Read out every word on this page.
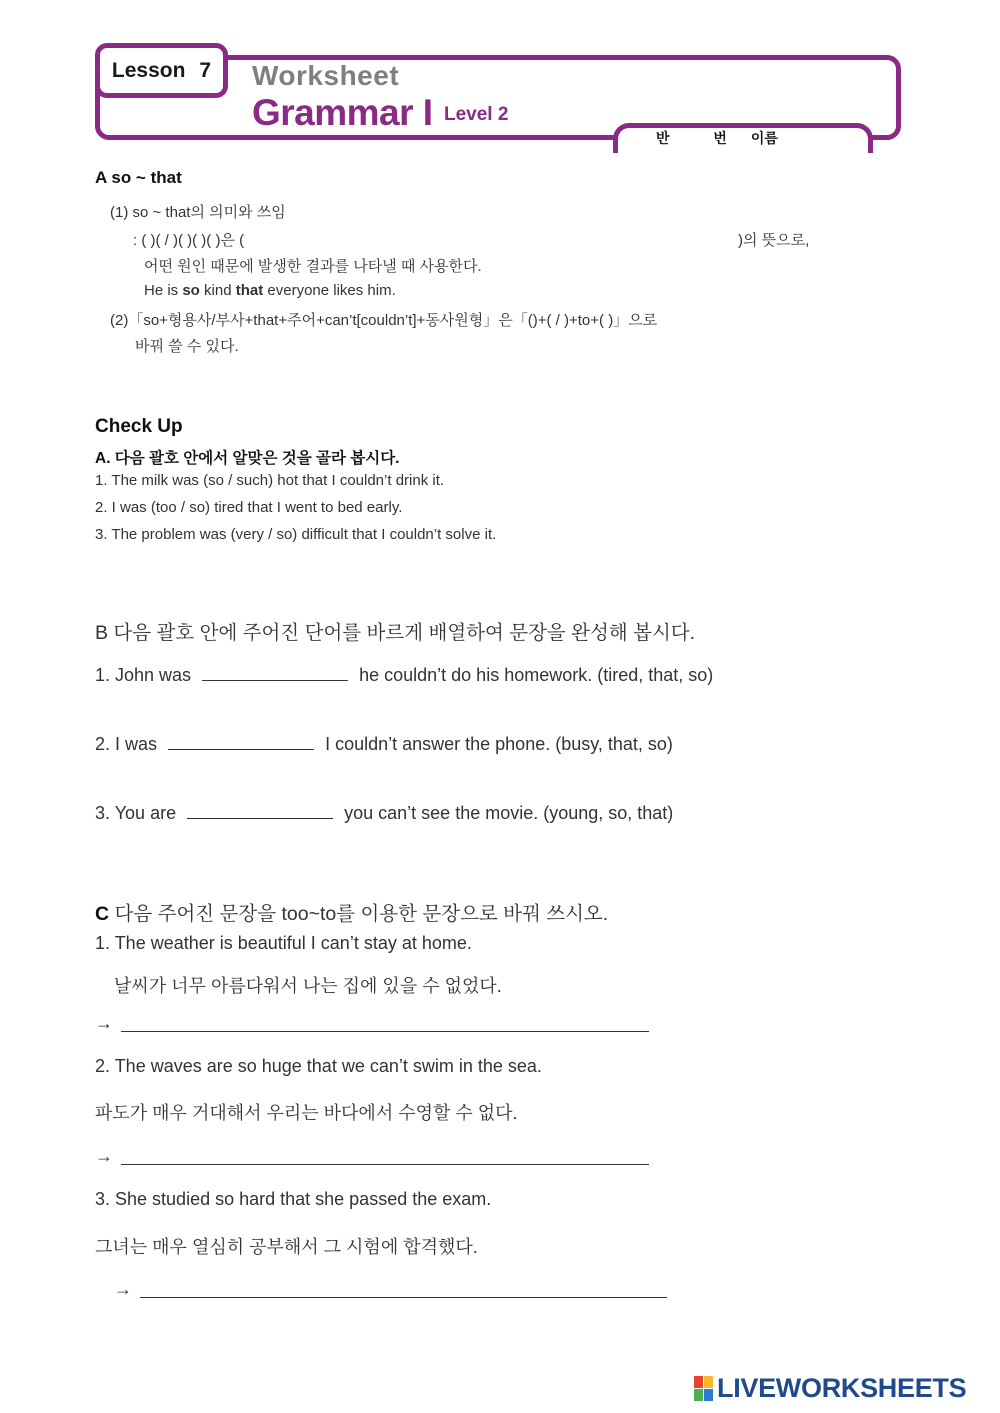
반	번 이름
Lesson 7 Worksheet
Grammar I Level 2
A so ~ that
(1) so ~ that의 의미와 쓰임
: ( )( / )( )( )( )은 (	)의 뜻으로,
어떤 원인 때문에 발생한 결과를 나타낼 때 사용한다.
He is so kind that everyone likes him.
(2)「so+형용사/부사+that+주어+can’t[couldn’t]+동사원형」은「()+( / )+to+( )」으로
바꿔 쓸 수 있다.
Check Up
A. 다음 괄호 안에서 알맞은 것을 골라 봅시다.
1. The milk was (so / such) hot that I couldn’t drink it.
2. I was (too / so) tired that I went to bed early.
3. The problem was (very / so) difficult that I couldn’t solve it.
B 다음 괄호 안에 주어진 단어를 바르게 배열하여 문장을 완성해 봅시다.
1. John was	he couldn’t do his homework. (tired, that, so)
2. I was	I couldn’t answer the phone. (busy, that, so)
3. You are	you can’t see the movie. (young, so, that)
C 다음 주어진 문장을 too~to를 이용한 문장으로 바꿔 쓰시오.
1. The weather is beautiful I can’t stay at home.
날씨가 너무 아름다워서 나는 집에 있을 수 없었다.
→
2. The waves are so huge that we can’t swim in the sea.
파도가 매우 거대해서 우리는 바다에서 수영할 수 없다.
→
3. She studied so hard that she passed the exam.
그녀는 매우 열심히 공부해서 그 시험에 합격했다.
→
LIVEWORKSHEETS
